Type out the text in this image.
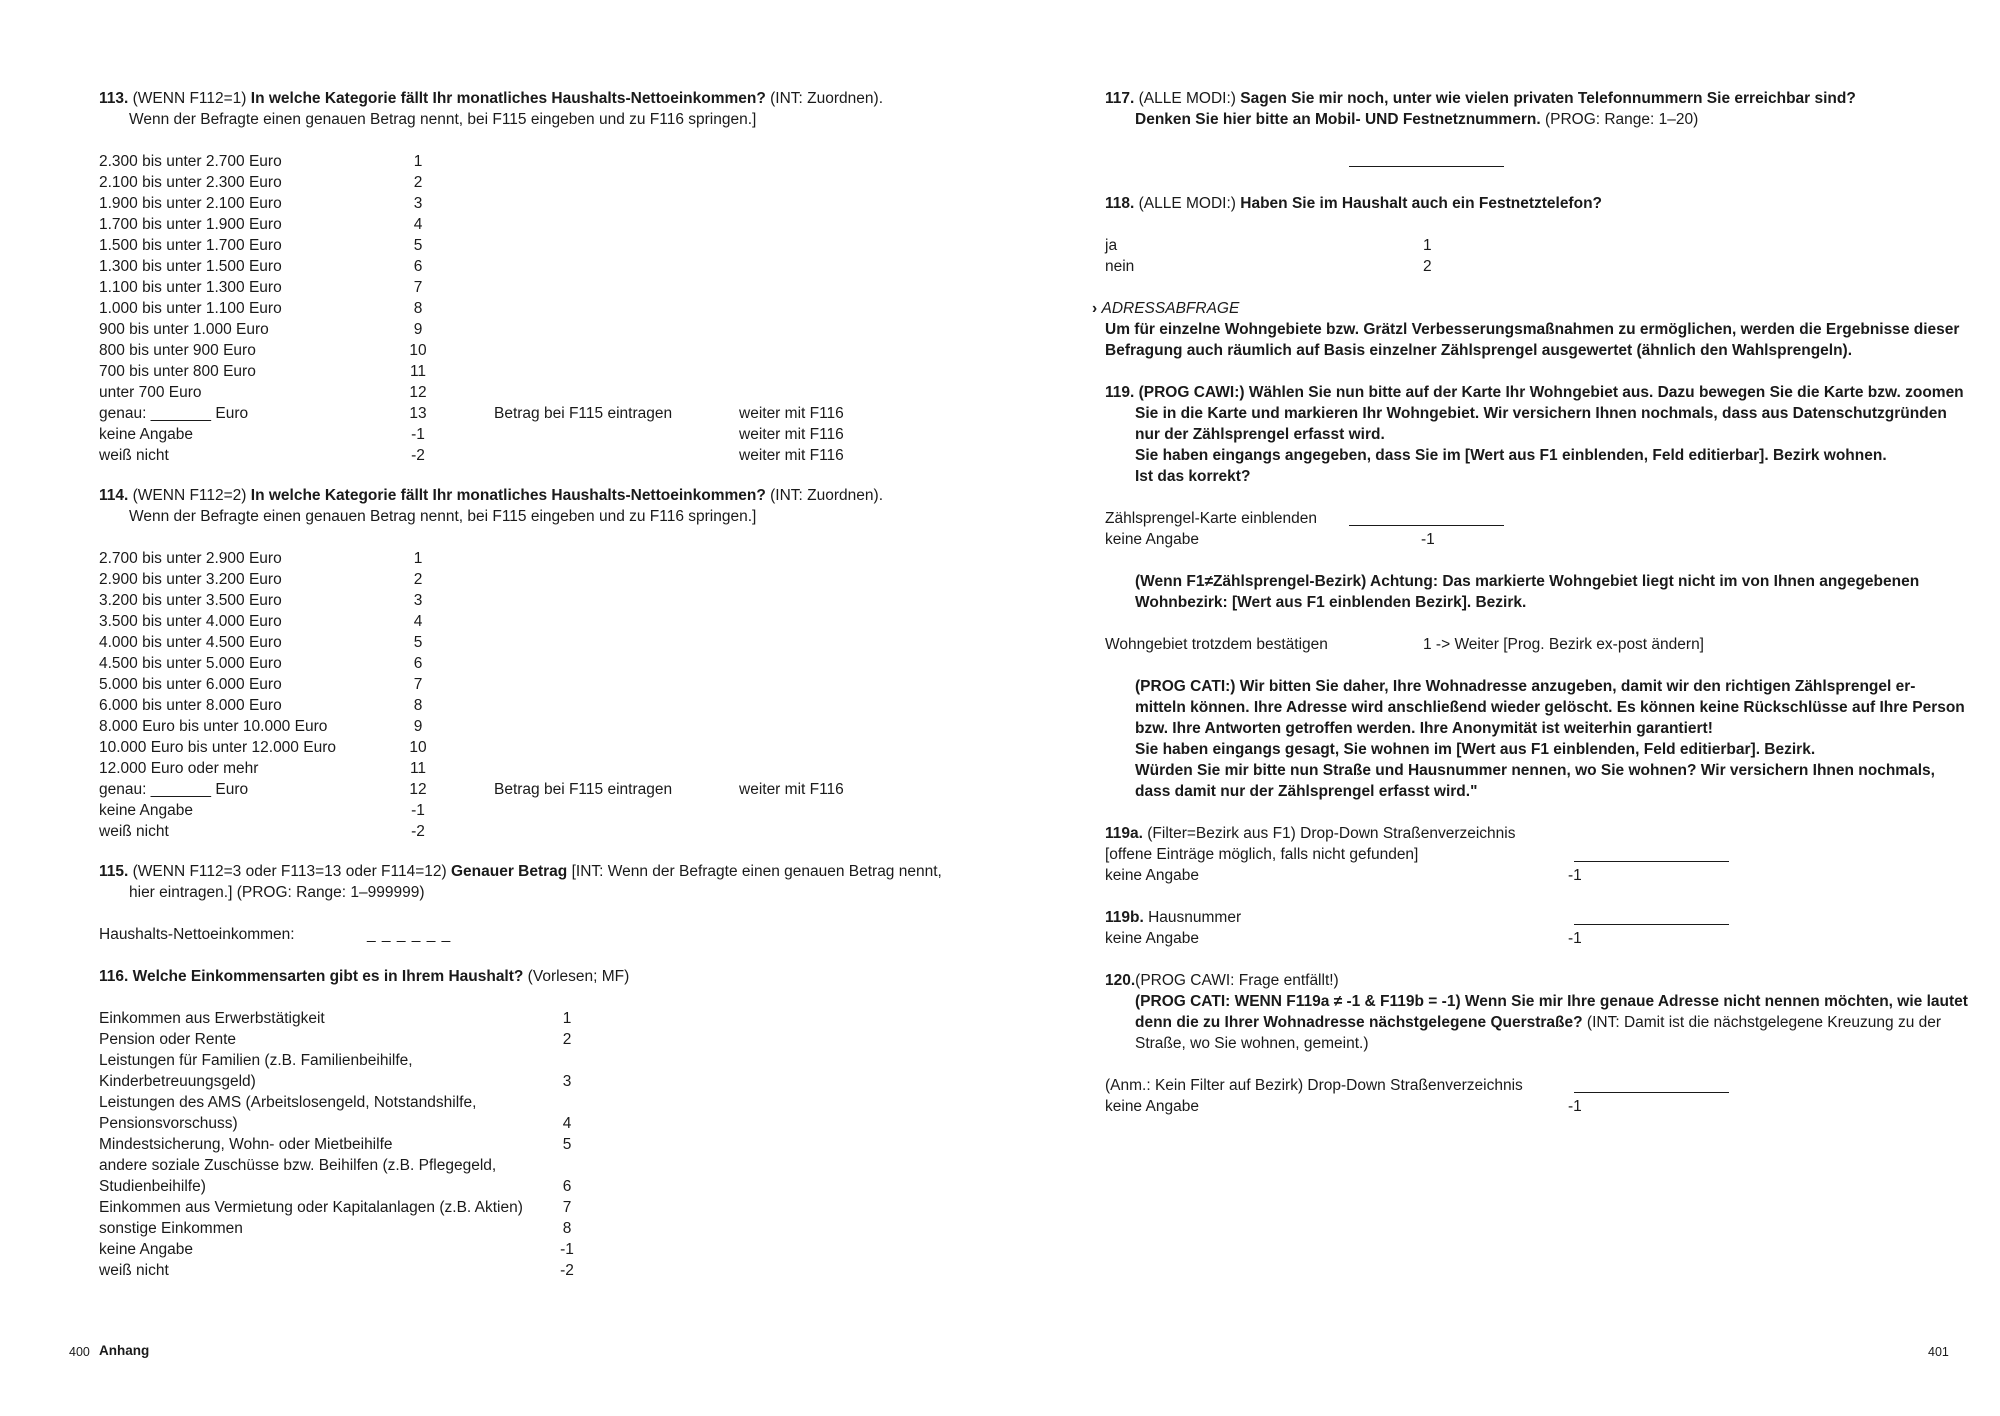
113. (WENN F112=1) In welche Kategorie fällt Ihr monatliches Haushalts-Nettoeinkommen? (INT: Zuordnen).
Wenn der Befragte einen genauen Betrag nennt, bei F115 eingeben und zu F116 springen.]
2.300 bis unter 2.700 Euro	1
2.100 bis unter 2.300 Euro	2
1.900 bis unter 2.100 Euro	3
1.700 bis unter 1.900 Euro	4
1.500 bis unter 1.700 Euro	5
1.300 bis unter 1.500 Euro	6
1.100 bis unter 1.300 Euro	7
1.000 bis unter 1.100 Euro	8
900 bis unter 1.000 Euro	9
800 bis unter 900 Euro	10
700 bis unter 800 Euro	11
unter 700 Euro	12
genau: _______ Euro	13	Betrag bei F115 eintragen	weiter mit F116
keine Angabe	-1	weiter mit F116
weiß nicht	-2	weiter mit F116
114. (WENN F112=2) In welche Kategorie fällt Ihr monatliches Haushalts-Nettoeinkommen? (INT: Zuordnen).
Wenn der Befragte einen genauen Betrag nennt, bei F115 eingeben und zu F116 springen.]
2.700 bis unter 2.900 Euro	1
2.900 bis unter 3.200 Euro	2
3.200 bis unter 3.500 Euro	3
3.500 bis unter 4.000 Euro	4
4.000 bis unter 4.500 Euro	5
4.500 bis unter 5.000 Euro	6
5.000 bis unter 6.000 Euro	7
6.000 bis unter 8.000 Euro	8
8.000 Euro bis unter 10.000 Euro	9
10.000 Euro bis unter 12.000 Euro	10
12.000 Euro oder mehr	11
genau: _______ Euro	12	Betrag bei F115 eintragen	weiter mit F116
keine Angabe	-1
weiß nicht	-2
115. (WENN F112=3 oder F113=13 oder F114=12) Genauer Betrag [INT: Wenn der Befragte einen genauen Betrag nennt,
hier eintragen.] (PROG: Range: 1–999999)
Haushalts-Nettoeinkommen:	_ _ _ _ _ _
116. Welche Einkommensarten gibt es in Ihrem Haushalt? (Vorlesen; MF)
Einkommen aus Erwerbstätigkeit	1
Pension oder Rente	2
Leistungen für Familien (z.B. Familienbeihilfe,
Kinderbetreuungsgeld)	3
Leistungen des AMS (Arbeitslosengeld, Notstandshilfe,
Pensionsvorschuss)	4
Mindestsicherung, Wohn- oder Mietbeihilfe	5
andere soziale Zuschüsse bzw. Beihilfen (z.B. Pflegegeld,
Studienbeihilfe)	6
Einkommen aus Vermietung oder Kapitalanlagen (z.B. Aktien)	7
sonstige Einkommen	8
keine Angabe	-1
weiß nicht	-2
400 Anhang
117. (ALLE MODI:) Sagen Sie mir noch, unter wie vielen privaten Telefonnummern Sie erreichbar sind?
Denken Sie hier bitte an Mobil- UND Festnetznummern. (PROG: Range: 1–20)
118. (ALLE MODI:) Haben Sie im Haushalt auch ein Festnetztelefon?
ja	1
nein	2
› ADRESSABFRAGE
Um für einzelne Wohngebiete bzw. Grätzl Verbesserungsmaßnahmen zu ermöglichen, werden die Ergebnisse dieser
Befragung auch räumlich auf Basis einzelner Zählsprengel ausgewertet (ähnlich den Wahlsprengeln).
119. (PROG CAWI:) Wählen Sie nun bitte auf der Karte Ihr Wohngebiet aus. Dazu bewegen Sie die Karte bzw. zoomen
Sie in die Karte und markieren Ihr Wohngebiet. Wir versichern Ihnen nochmals, dass aus Datenschutzgründen
nur der Zählsprengel erfasst wird.
Sie haben eingangs angegeben, dass Sie im [Wert aus F1 einblenden, Feld editierbar]. Bezirk wohnen.
Ist das korrekt?
Zählsprengel-Karte einblenden
keine Angabe	-1
(Wenn F1≠Zählsprengel-Bezirk) Achtung: Das markierte Wohngebiet liegt nicht im von Ihnen angegebenen
Wohnbezirk: [Wert aus F1 einblenden Bezirk]. Bezirk.
Wohngebiet trotzdem bestätigen	1 -> Weiter [Prog. Bezirk ex-post ändern]
(PROG CATI:) Wir bitten Sie daher, Ihre Wohnadresse anzugeben, damit wir den richtigen Zählsprengel er-
mitteln können. Ihre Adresse wird anschließend wieder gelöscht. Es können keine Rückschlüsse auf Ihre Person
bzw. Ihre Antworten getroffen werden. Ihre Anonymität ist weiterhin garantiert!
Sie haben eingangs gesagt, Sie wohnen im [Wert aus F1 einblenden, Feld editierbar]. Bezirk.
Würden Sie mir bitte nun Straße und Hausnummer nennen, wo Sie wohnen? Wir versichern Ihnen nochmals,
dass damit nur der Zählsprengel erfasst wird."
119a. (Filter=Bezirk aus F1) Drop-Down Straßenverzeichnis
[offene Einträge möglich, falls nicht gefunden]
keine Angabe	-1
119b. Hausnummer
keine Angabe	-1
120.(PROG CAWI: Frage entfällt!)
(PROG CATI: WENN F119a ≠ -1 & F119b = -1) Wenn Sie mir Ihre genaue Adresse nicht nennen möchten, wie lautet
denn die zu Ihrer Wohnadresse nächstgelegene Querstraße? (INT: Damit ist die nächstgelegene Kreuzung zu der
Straße, wo Sie wohnen, gemeint.)
(Anm.: Kein Filter auf Bezirk) Drop-Down Straßenverzeichnis
keine Angabe	-1
401
